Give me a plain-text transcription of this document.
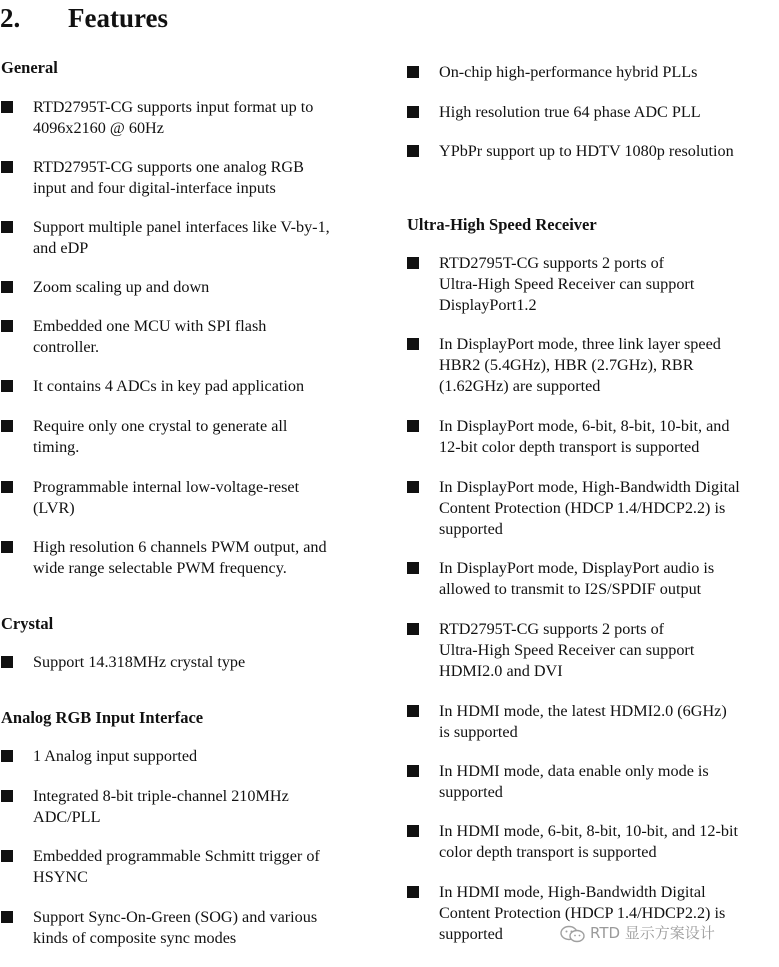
2. Features
General
RTD2795T-CG supports input format up to
4096x2160 @ 60Hz
RTD2795T-CG supports one analog RGB
input and four digital-interface inputs
Support multiple panel interfaces like V-by-1,
and eDP
Zoom scaling up and down
Embedded one MCU with SPI flash
controller.
It contains 4 ADCs in key pad application
Require only one crystal to generate all
timing.
Programmable internal low-voltage-reset
(LVR)
High resolution 6 channels PWM output, and
wide range selectable PWM frequency.
Crystal
Support 14.318MHz crystal type
Analog RGB Input Interface
1 Analog input supported
Integrated 8-bit triple-channel 210MHz
ADC/PLL
Embedded programmable Schmitt trigger of
HSYNC
Support Sync-On-Green (SOG) and various
kinds of composite sync modes
On-chip high-performance hybrid PLLs
High resolution true 64 phase ADC PLL
YPbPr support up to HDTV 1080p resolution
Ultra-High Speed Receiver
RTD2795T-CG supports 2 ports of
Ultra-High Speed Receiver can support
DisplayPort1.2
In DisplayPort mode, three link layer speed
HBR2 (5.4GHz), HBR (2.7GHz), RBR
(1.62GHz) are supported
In DisplayPort mode, 6-bit, 8-bit, 10-bit, and
12-bit color depth transport is supported
In DisplayPort mode, High-Bandwidth Digital
Content Protection (HDCP 1.4/HDCP2.2) is
supported
In DisplayPort mode, DisplayPort audio is
allowed to transmit to I2S/SPDIF output
RTD2795T-CG supports 2 ports of
Ultra-High Speed Receiver can support
HDMI2.0 and DVI
In HDMI mode, the latest HDMI2.0 (6GHz)
is supported
In HDMI mode, data enable only mode is
supported
In HDMI mode, 6-bit, 8-bit, 10-bit, and 12-bit
color depth transport is supported
In HDMI mode, High-Bandwidth Digital
Content Protection (HDCP 1.4/HDCP2.2) is
supported	RTD 显示方案设计
